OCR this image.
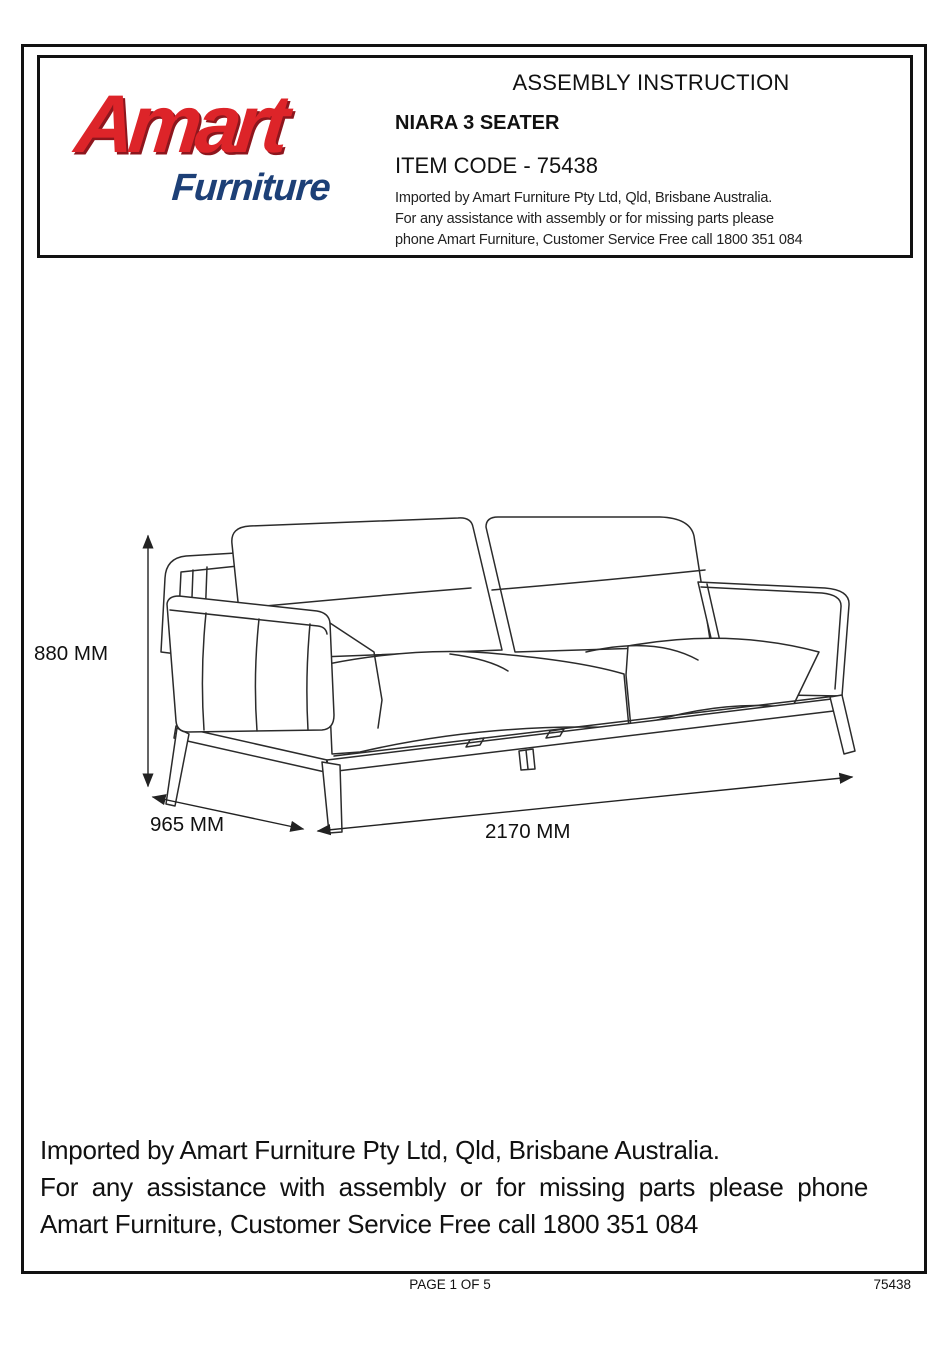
Amart
Furniture
ASSEMBLY INSTRUCTION
NIARA 3 SEATER
ITEM CODE - 75438
Imported by Amart Furniture Pty Ltd, Qld, Brisbane Australia.
For any assistance with assembly or for missing parts please
phone Amart Furniture, Customer Service Free call 1800 351 084
880 MM
965 MM	2170 MM
Imported by Amart Furniture Pty Ltd, Qld, Brisbane Australia.
For any assistance with assembly or for missing parts please phone
Amart Furniture, Customer Service Free call 1800 351 084
PAGE 1 OF 5	75438
